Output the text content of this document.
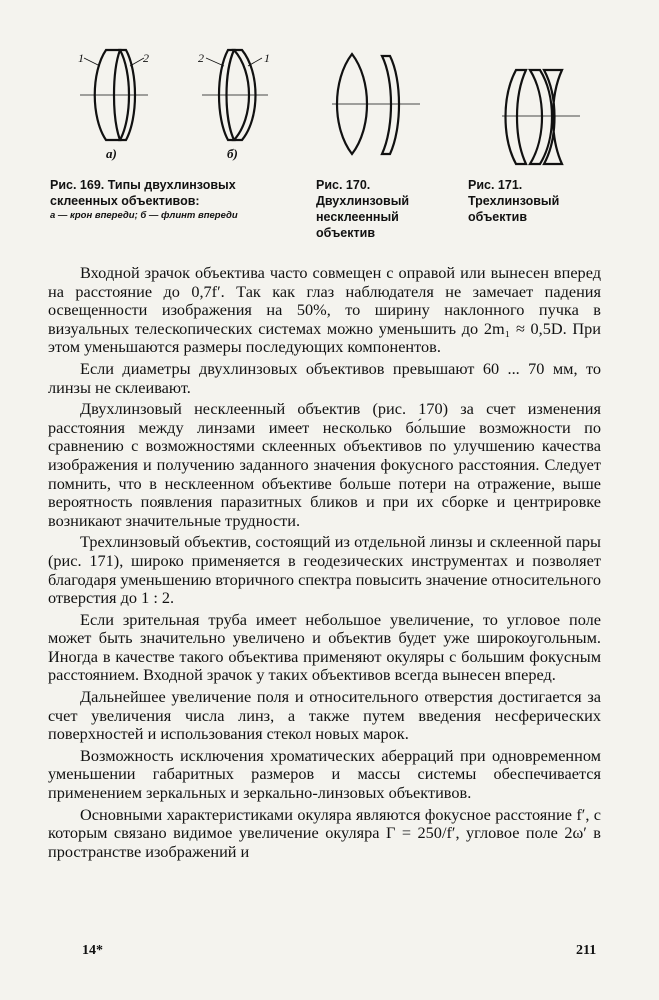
1	2
а)
2	1
б)

Рис. 169. Типы двухлинзовых склеенных объективов:

а — крон впереди; б — флинт впереди

Рис. 170. Двухлинзовый несклеенный объектив

Рис. 171. Трехлинзовый объектив

Входной зрачок объектива часто совмещен с оправой или вынесен вперед на расстояние до 0,7f′. Так как глаз наблюдателя не замечает падения освещенности изображения на 50%, то ширину наклонного пучка в визуальных телескопических системах можно уменьшить до 2m₁ ≈ 0,5D. При этом уменьшаются размеры последующих компонентов.

Если диаметры двухлинзовых объективов превышают 60 ... 70 мм, то линзы не склеивают.

Двухлинзовый несклеенный объектив (рис. 170) за счет изменения расстояния между линзами имеет несколько бо́льшие возможности по сравнению с возможностями склеенных объективов по улучшению качества изображения и получению заданного значения фокусного расстояния. Следует помнить, что в несклеенном объективе больше потери на отражение, выше вероятность появления паразитных бликов и при их сборке и центрировке возникают значительные трудности.

Трехлинзовый объектив, состоящий из отдельной линзы и склеенной пары (рис. 171), широко применяется в геодезических инструментах и позволяет благодаря уменьшению вторичного спектра повысить значение относительного отверстия до 1 : 2.

Если зрительная труба имеет небольшое увеличение, то угловое поле может быть значительно увеличено и объектив будет уже широкоугольным. Иногда в качестве такого объектива применяют окуляры с большим фокусным расстоянием. Входной зрачок у таких объективов всегда вынесен вперед.

Дальнейшее увеличение поля и относительного отверстия достигается за счет увеличения числа линз, а также путем введения несферических поверхностей и использования стекол новых марок.

Возможность исключения хроматических аберраций при одновременном уменьшении габаритных размеров и массы системы обеспечивается применением зеркальных и зеркально-линзовых объективов.

Основными характеристиками окуляра являются фокусное расстояние f′, с которым связано видимое увеличение окуляра Γ = 250/f′, угловое поле 2ω′ в пространстве изображений и

14*	211
